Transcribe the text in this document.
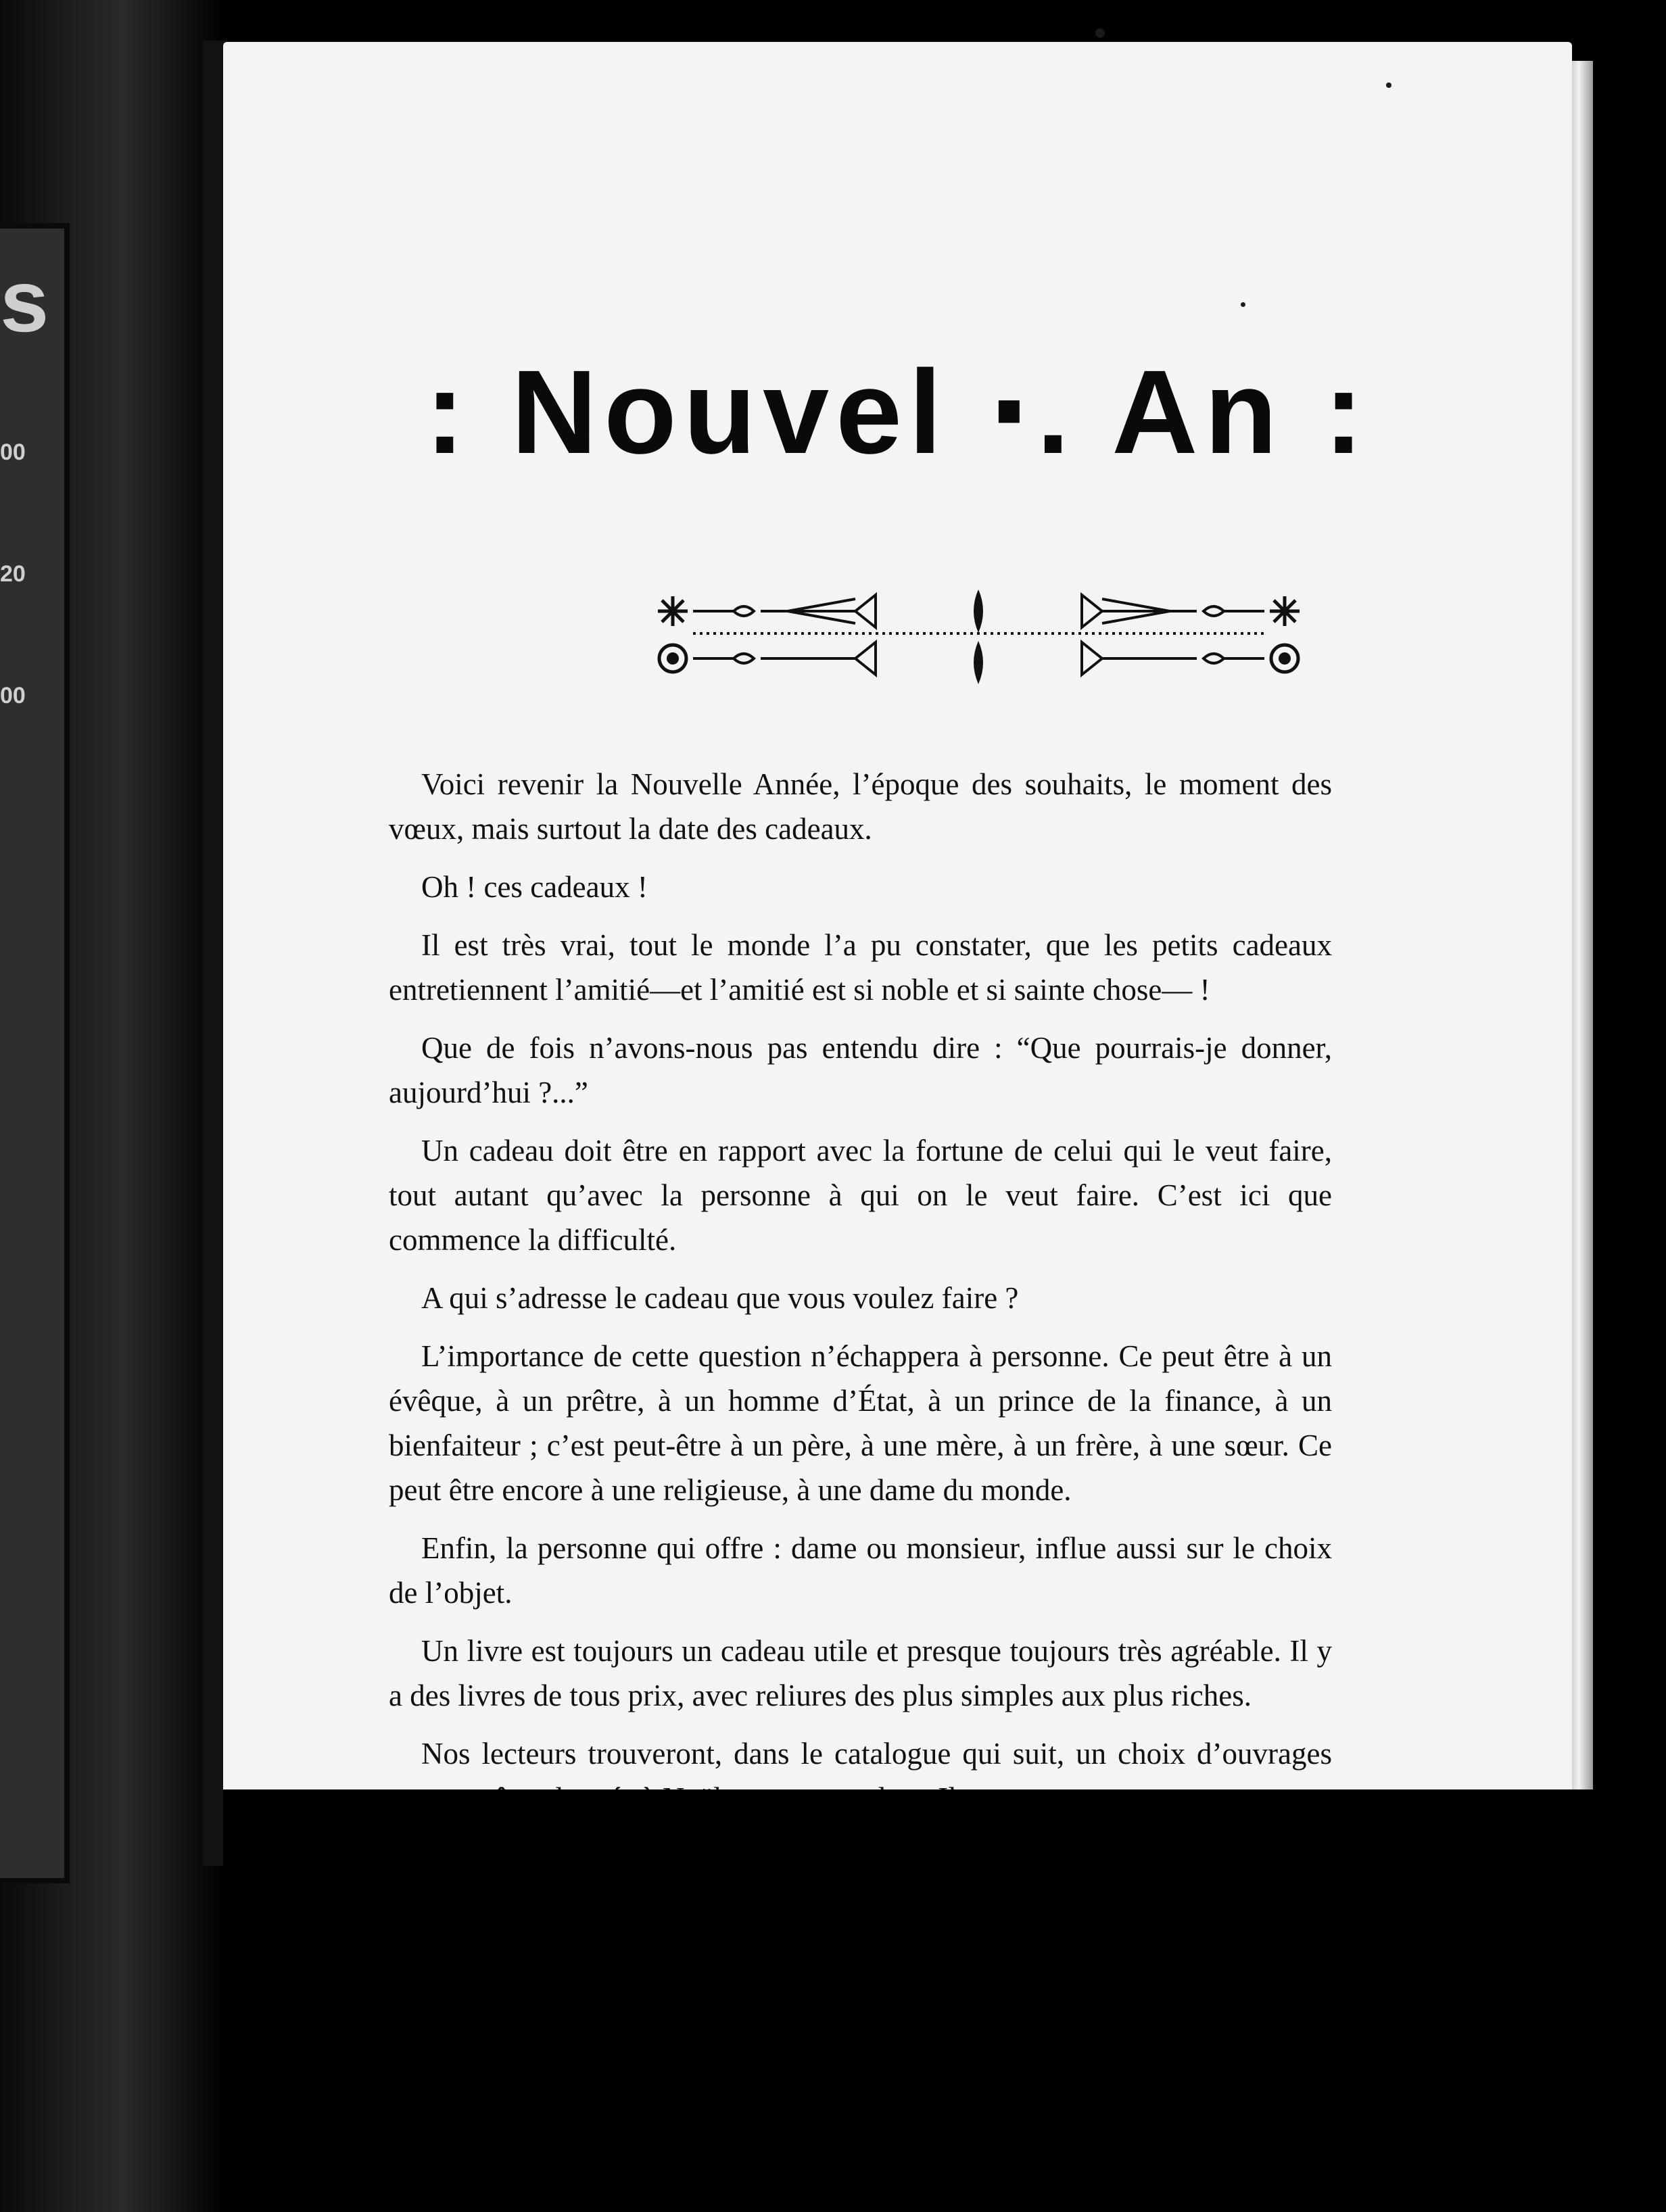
s
00
20
00
: Nouvel ‧. An :

Voici revenir la Nouvelle Année, l’époque des souhaits, le moment des vœux, mais surtout la date des cadeaux.

Oh ! ces cadeaux !

Il est très vrai, tout le monde l’a pu constater, que les petits cadeaux entretiennent l’amitié—et l’amitié est si noble et si sainte chose— !

Que de fois n’avons-nous pas entendu dire : “Que pourrais-je donner, aujourd’hui ?...”

Un cadeau doit être en rapport avec la fortune de celui qui le veut faire, tout autant qu’avec la personne à qui on le veut faire. C’est ici que commence la difficulté.

A qui s’adresse le cadeau que vous voulez faire ?

L’importance de cette question n’échappera à personne. Ce peut être à un évêque, à un prêtre, à un homme d’État, à un prince de la finance, à un bienfaiteur ; c’est peut-être à un père, à une mère, à un frère, à une sœur. Ce peut être encore à une religieuse, à une dame du monde.

Enfin, la personne qui offre : dame ou monsieur, influe aussi sur le choix de l’objet.

Un livre est toujours un cadeau utile et presque toujours très agréable. Il y a des livres de tous prix, avec reliures des plus simples aux plus riches.

Nos lecteurs trouveront, dans le catalogue qui suit, un choix d’ouvrages
